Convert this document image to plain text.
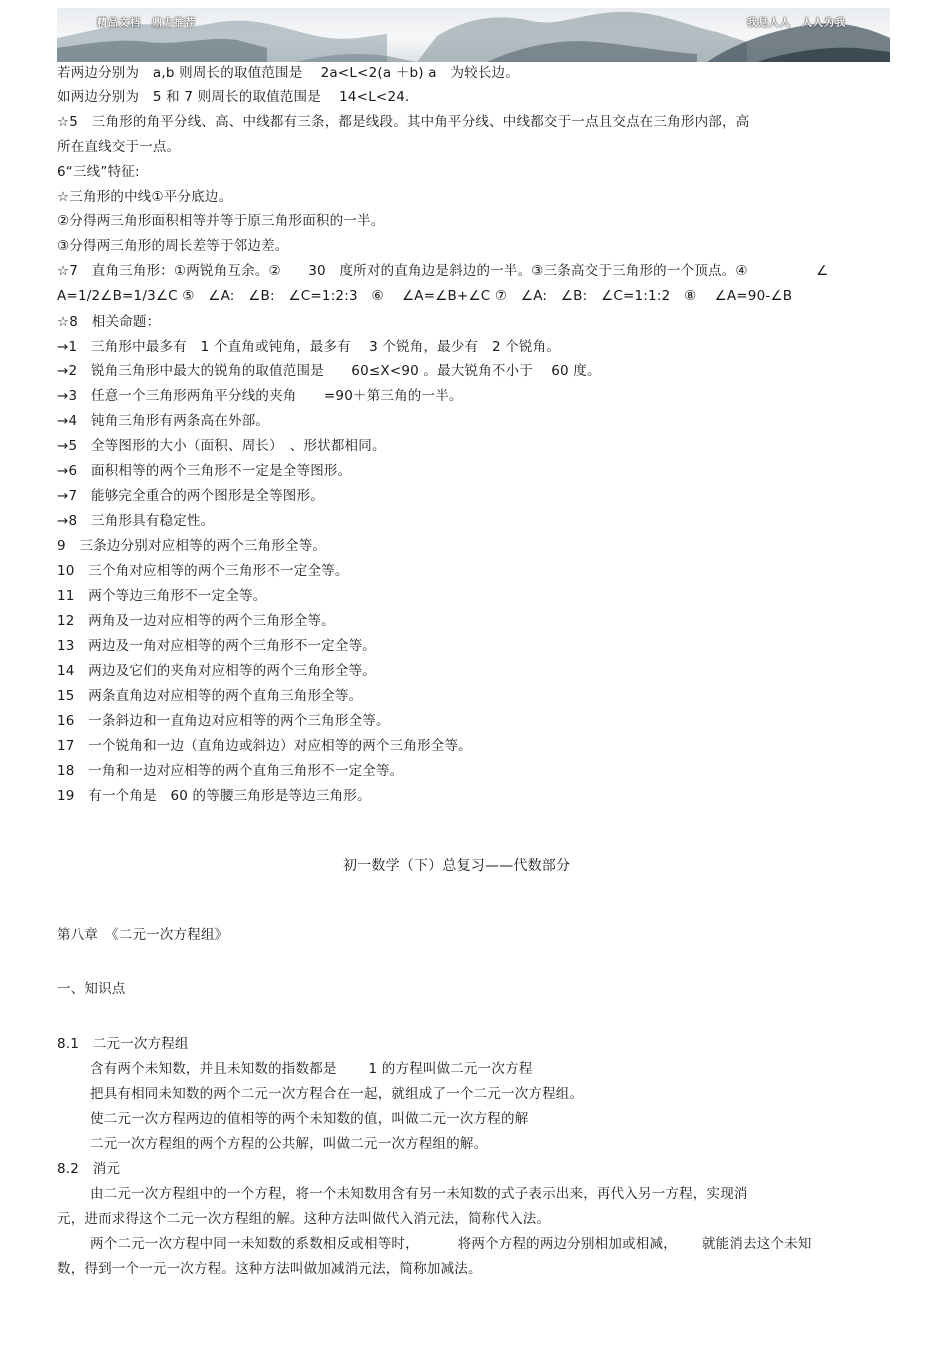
精品文档　鼎力推荐	我是人人　人人为我
若两边分别为　a,b 则周长的取值范围是　 2a<L<2(a ＋b) a　为较长边。
如两边分别为　5 和 7 则周长的取值范围是　 14<L<24.
☆5　三角形的角平分线、高、中线都有三条，都是线段。其中角平分线、中线都交于一点且交点在三角形内部，高
所在直线交于一点。
6“三线”特征:
☆三角形的中线①平分底边。
②分得两三角形面积相等并等于原三角形面积的一半。
③分得两三角形的周长差等于邻边差。
☆7　直角三角形：①两锐角互余。②　　30　度所对的直角边是斜边的一半。③三条高交于三角形的一个顶点。④　　　　　∠
A=1/2∠B=1/3∠C ⑤　∠A:　∠B:　∠C=1:2:3　⑥　 ∠A=∠B+∠C ⑦　∠A:　∠B:　∠C=1:1:2　⑧　 ∠A=90-∠B
☆8　相关命题：
→1　三角形中最多有　1 个直角或钝角，最多有　 3 个锐角，最少有　2 个锐角。
→2　锐角三角形中最大的锐角的取值范围是　　60≤X<90 。最大锐角不小于　 60 度。
→3　任意一个三角形两角平分线的夹角　　=90＋第三角的一半。
→4　钝角三角形有两条高在外部。
→5　全等图形的大小（面积、周长）　、形状都相同。
→6　面积相等的两个三角形不一定是全等图形。
→7　能够完全重合的两个图形是全等图形。
→8　三角形具有稳定性。
9　三条边分别对应相等的两个三角形全等。
10　三个角对应相等的两个三角形不一定全等。
11　两个等边三角形不一定全等。
12　两角及一边对应相等的两个三角形全等。
13　两边及一角对应相等的两个三角形不一定全等。
14　两边及它们的夹角对应相等的两个三角形全等。
15　两条直角边对应相等的两个直角三角形全等。
16　一条斜边和一直角边对应相等的两个三角形全等。
17　一个锐角和一边（直角边或斜边）对应相等的两个三角形全等。
18　一角和一边对应相等的两个直角三角形不一定全等。
19　有一个角是　60 的等腰三角形是等边三角形。
初一数学（下）总复习——代数部分
第八章　《二元一次方程组》
一、知识点
8.1　二元一次方程组
含有两个未知数，并且未知数的指数都是　　 1 的方程叫做二元一次方程
把具有相同未知数的两个二元一次方程合在一起，就组成了一个二元一次方程组。
使二元一次方程两边的值相等的两个未知数的值，叫做二元一次方程的解
二元一次方程组的两个方程的公共解，叫做二元一次方程组的解。
8.2　消元
由二元一次方程组中的一个方程，将一个未知数用含有另一未知数的式子表示出来，再代入另一方程，实现消
元，进而求得这个二元一次方程组的解。这种方法叫做代入消元法，简称代入法。
两个二元一次方程中同一未知数的系数相反或相等时，　　　 将两个方程的两边分别相加或相减，　　 就能消去这个未知
数，得到一个一元一次方程。这种方法叫做加减消元法，简称加减法。
